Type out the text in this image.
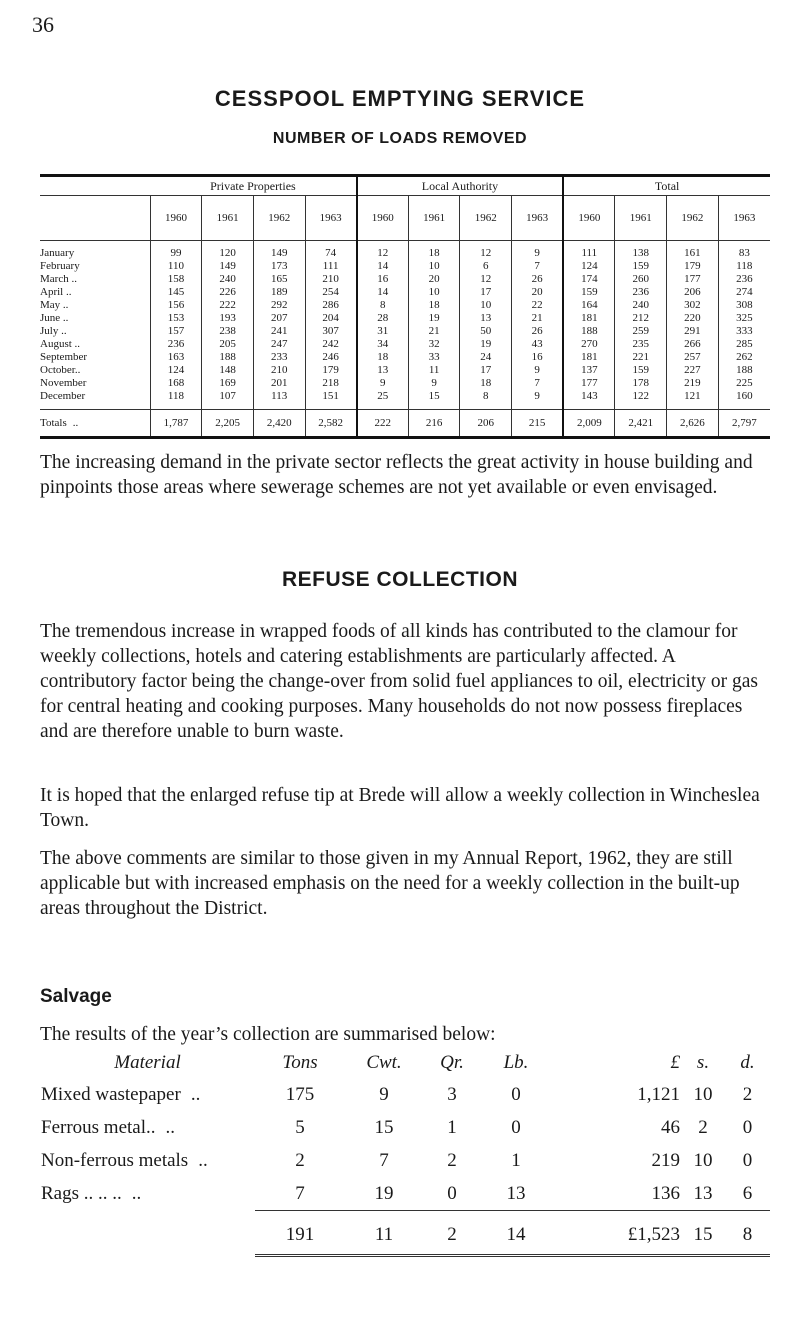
36
CESSPOOL EMPTYING SERVICE
NUMBER OF LOADS REMOVED

	Private Properties				Local Authority				Total			
	1960	1961	1962	1963	1960	1961	1962	1963	1960	1961	1962	1963
January	99	120	149	74	12	18	12	9	111	138	161	83
February	110	149	173	111	14	10	6	7	124	159	179	118
March ..	158	240	165	210	16	20	12	26	174	260	177	236
April ..	145	226	189	254	14	10	17	20	159	236	206	274
May ..	156	222	292	286	8	18	10	22	164	240	302	308
June ..	153	193	207	204	28	19	13	21	181	212	220	325
July ..	157	238	241	307	31	21	50	26	188	259	291	333
August ..	236	205	247	242	34	32	19	43	270	235	266	285
September	163	188	233	246	18	33	24	16	181	221	257	262
October..	124	148	210	179	13	11	17	9	137	159	227	188
November	168	169	201	218	9	9	18	7	177	178	219	225
December	118	107	113	151	25	15	8	9	143	122	121	160
Totals ..	1,787	2,205	2,420	2,582	222	216	206	215	2,009	2,421	2,626	2,797

The increasing demand in the private sector reflects the great activity in house building and pinpoints those areas where sewerage schemes are not yet available or even envisaged.

REFUSE COLLECTION

The tremendous increase in wrapped foods of all kinds has contributed to the clamour for weekly collections, hotels and catering establishments are particularly affected. A contributory factor being the change-over from solid fuel appliances to oil, electricity or gas for central heating and cooking purposes. Many households do not now possess fireplaces and are therefore unable to burn waste.

It is hoped that the enlarged refuse tip at Brede will allow a weekly collection in Wincheslea Town.

The above comments are similar to those given in my Annual Report, 1962, they are still applicable but with increased emphasis on the need for a weekly collection in the built-up areas throughout the District.

Salvage

The results of the year’s collection are summarised below:

Material	Tons	Cwt.	Qr.	Lb.	£	s.	d.
Mixed wastepaper ..	175	9	3	0	1,121	10	2
Ferrous metal.. ..	5	15	1	0	46	2	0
Non-ferrous metals ..	2	7	2	1	219	10	0
Rags .. .. .. ..	7	19	0	13	136	13	6
	191	11	2	14	£1,523	15	8
